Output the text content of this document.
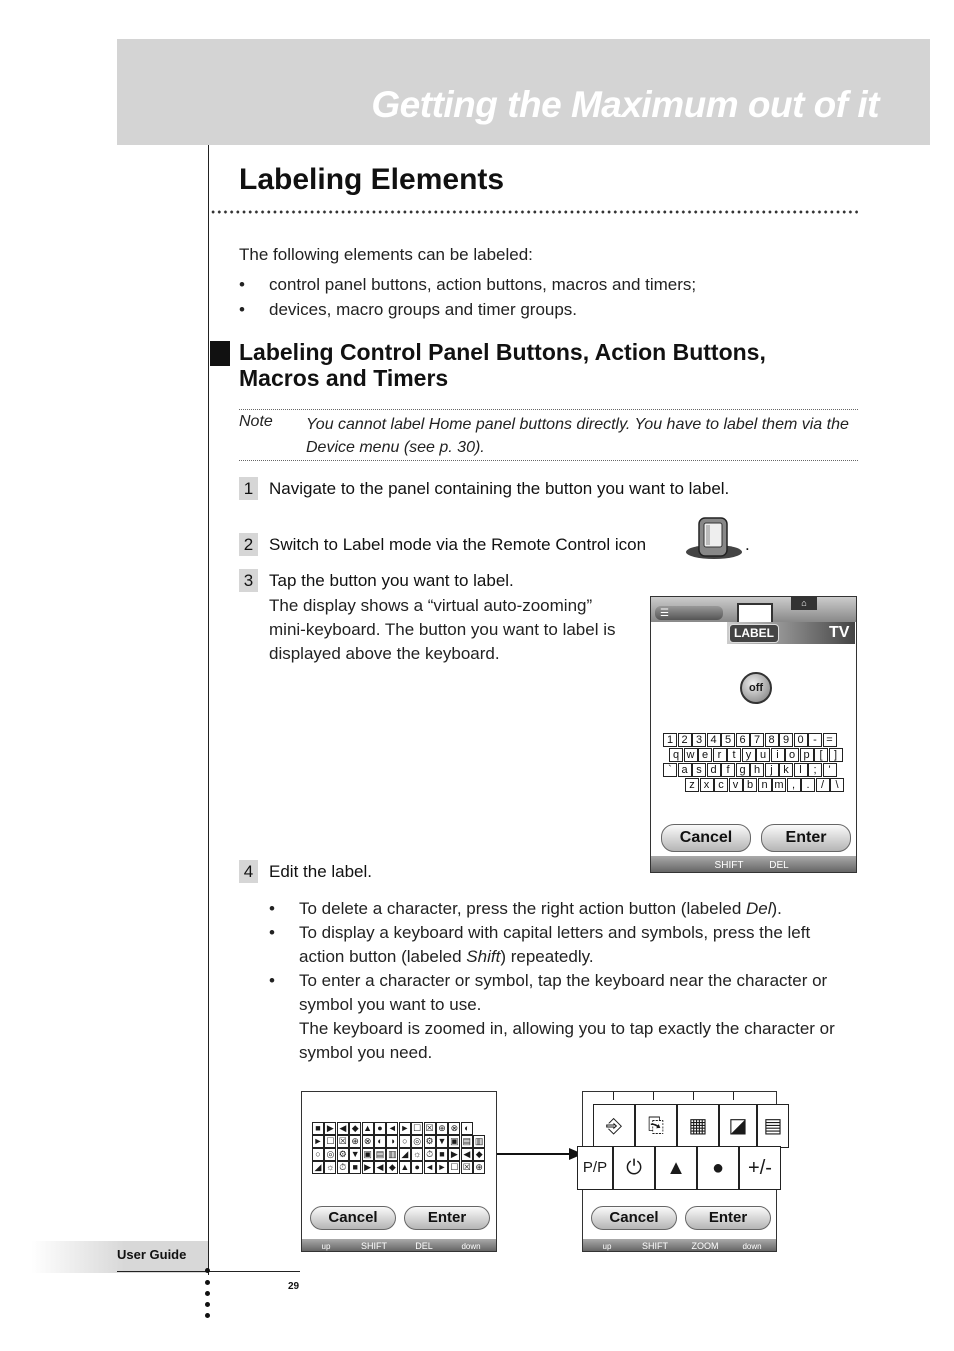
Getting the Maximum out of it
Labeling Elements
The following elements can be labeled:
• control panel buttons, action buttons, macros and timers;
• devices, macro groups and timer groups.
Labeling Control Panel Buttons, Action Buttons, Macros and Timers
Note You cannot label Home panel buttons directly. You have to label them via the Device menu (see p. 30).
1 Navigate to the panel containing the button you want to label.
2 Switch to Label mode via the Remote Control icon	.
3 Tap the button you want to label.
The display shows a “virtual auto-zooming” mini-keyboard. The button you want to label is displayed above the keyboard.
☰
⌂
LABEL	TV
off
1 2 3 4 5 6 7 8 9 0 - =
q w e r	t y u i o p [	]
` a s d f g h j k l	;	'
z x c v b n m ,	.	/	\
Cancel	Enter
SHIFT	DEL
4 Edit the label.
• To delete a character, press the right action button (labeled Del).
• To display a keyboard with capital letters and symbols, press the left action button (labeled Shift) repeatedly.
• To enter a character or symbol, tap the keyboard near the character or symbol you want to use.
The keyboard is zoomed in, allowing you to tap exactly the character or symbol you need.
■ ▶ ◀ ◆ ▲ ● ◄ ► ☐ ☒ ⊕ ⊗ ◐
► ☐ ☒ ⊕ ⊗ ◐ ◑ ○ ◎ ⚙ ▼ ▣ ▤ ▥
○ ◎ ⚙ ▼ ▣ ▤ ▥ ◢ ☼ ⏱ ■ ▶ ◀ ◆
◢ ☼ ⏱ ■ ▶ ◀ ◆ ▲ ● ◄ ► ☐ ☒ ⊕
Cancel	Enter
up	SHIFT	DEL	down
⎆	⎘	▦	◪ ▤
P/P ⏻	▲	●	+/-
Cancel	Enter
up	SHIFT	ZOOM	down
User Guide
29
